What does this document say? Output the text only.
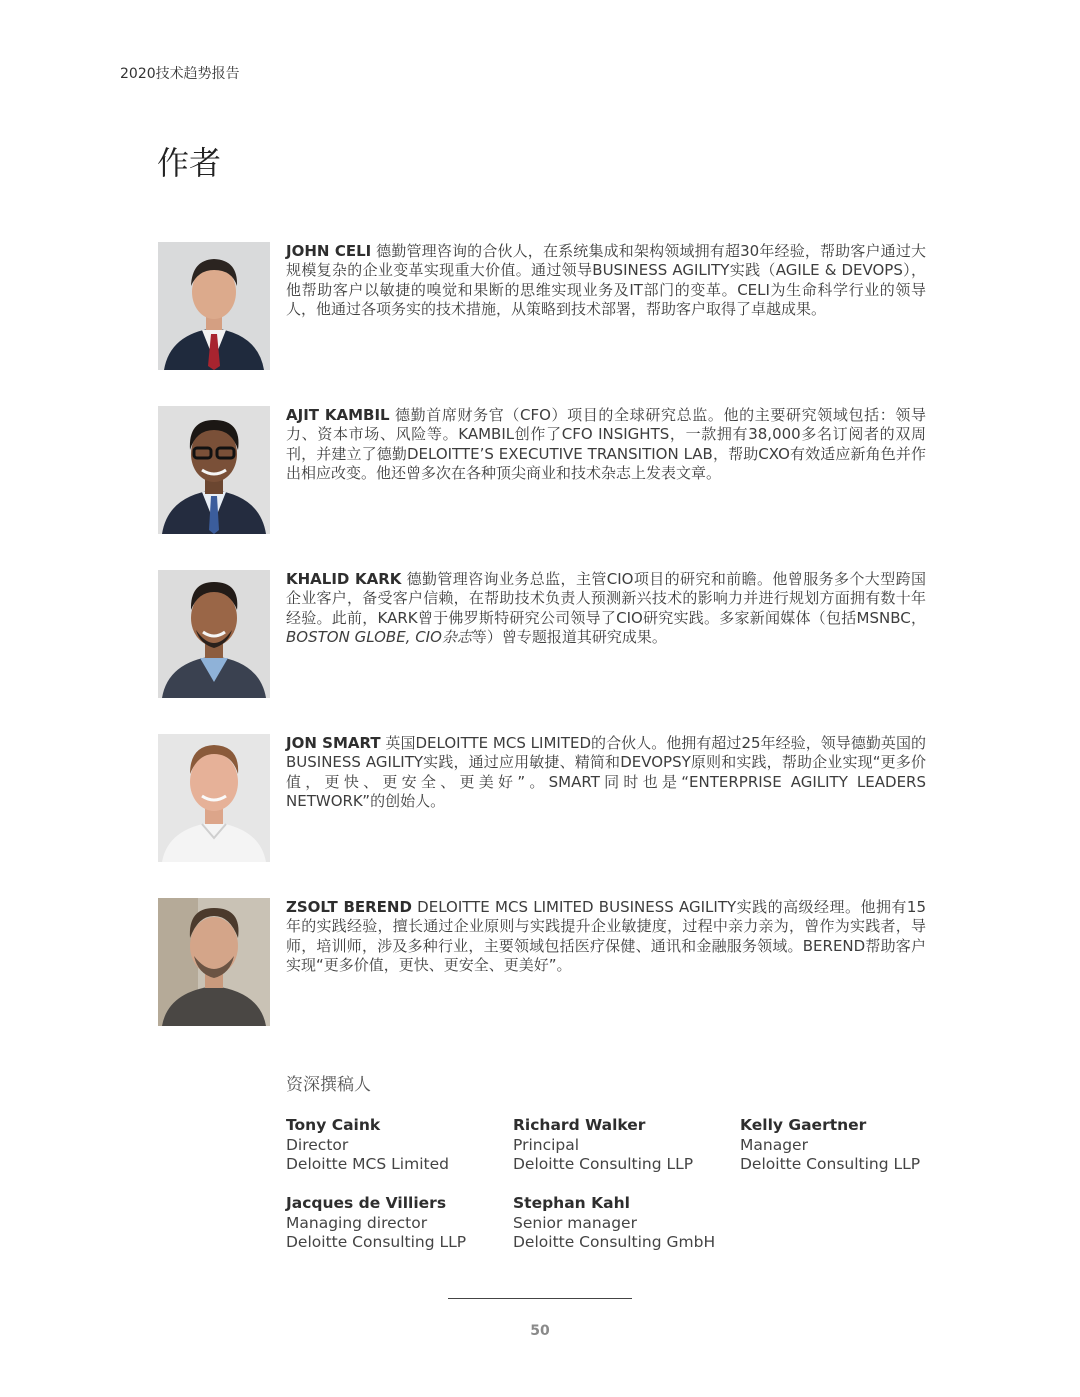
2020技术趋势报告
作者
JOHN CELI 德勤管理咨询的合伙人，在系统集成和架构领域拥有超30年经验，帮助客户通过大规模复杂的企业变革实现重大价值。通过领导BUSINESS AGILITY实践（AGILE & DEVOPS），他帮助客户以敏捷的嗅觉和果断的思维实现业务及IT部门的变革。CELI为生命科学行业的领导人，他通过各项务实的技术措施，从策略到技术部署，帮助客户取得了卓越成果。
AJIT KAMBIL 德勤首席财务官（CFO）项目的全球研究总监。他的主要研究领域包括：领导力、资本市场、风险等。KAMBIL创作了CFO INSIGHTS，一款拥有38,000多名订阅者的双周刊，并建立了德勤DELOITTE’S EXECUTIVE TRANSITION LAB，帮助CXO有效适应新角色并作出相应改变。他还曾多次在各种顶尖商业和技术杂志上发表文章。
KHALID KARK 德勤管理咨询业务总监，主管CIO项目的研究和前瞻。他曾服务多个大型跨国企业客户，备受客户信赖，在帮助技术负责人预测新兴技术的影响力并进行规划方面拥有数十年经验。此前，KARK曾于佛罗斯特研究公司领导了CIO研究实践。多家新闻媒体（包括MSNBC，BOSTON GLOBE, CIO杂志等）曾专题报道其研究成果。
JON SMART 英国DELOITTE MCS LIMITED的合伙人。他拥有超过25年经验，领导德勤英国的BUSINESS AGILITY实践，通过应用敏捷、精简和DEVOPSY原则和实践，帮助企业实现“更多价值，更快、更安全、更美好”。SMART同时也是“ENTERPRISE AGILITY LEADERS NETWORK”的创始人。
ZSOLT BEREND DELOITTE MCS LIMITED BUSINESS AGILITY实践的高级经理。他拥有15年的实践经验，擅长通过企业原则与实践提升企业敏捷度，过程中亲力亲为，曾作为实践者，导师，培训师，涉及多种行业，主要领域包括医疗保健、通讯和金融服务领域。BEREND帮助客户实现“更多价值，更快、更安全、更美好”。
资深撰稿人
Tony Caink
Director
Deloitte MCS Limited
Richard Walker
Principal
Deloitte Consulting LLP
Kelly Gaertner
Manager
Deloitte Consulting LLP
Jacques de Villiers
Managing director
Deloitte Consulting LLP
Stephan Kahl
Senior manager
Deloitte Consulting GmbH
50
